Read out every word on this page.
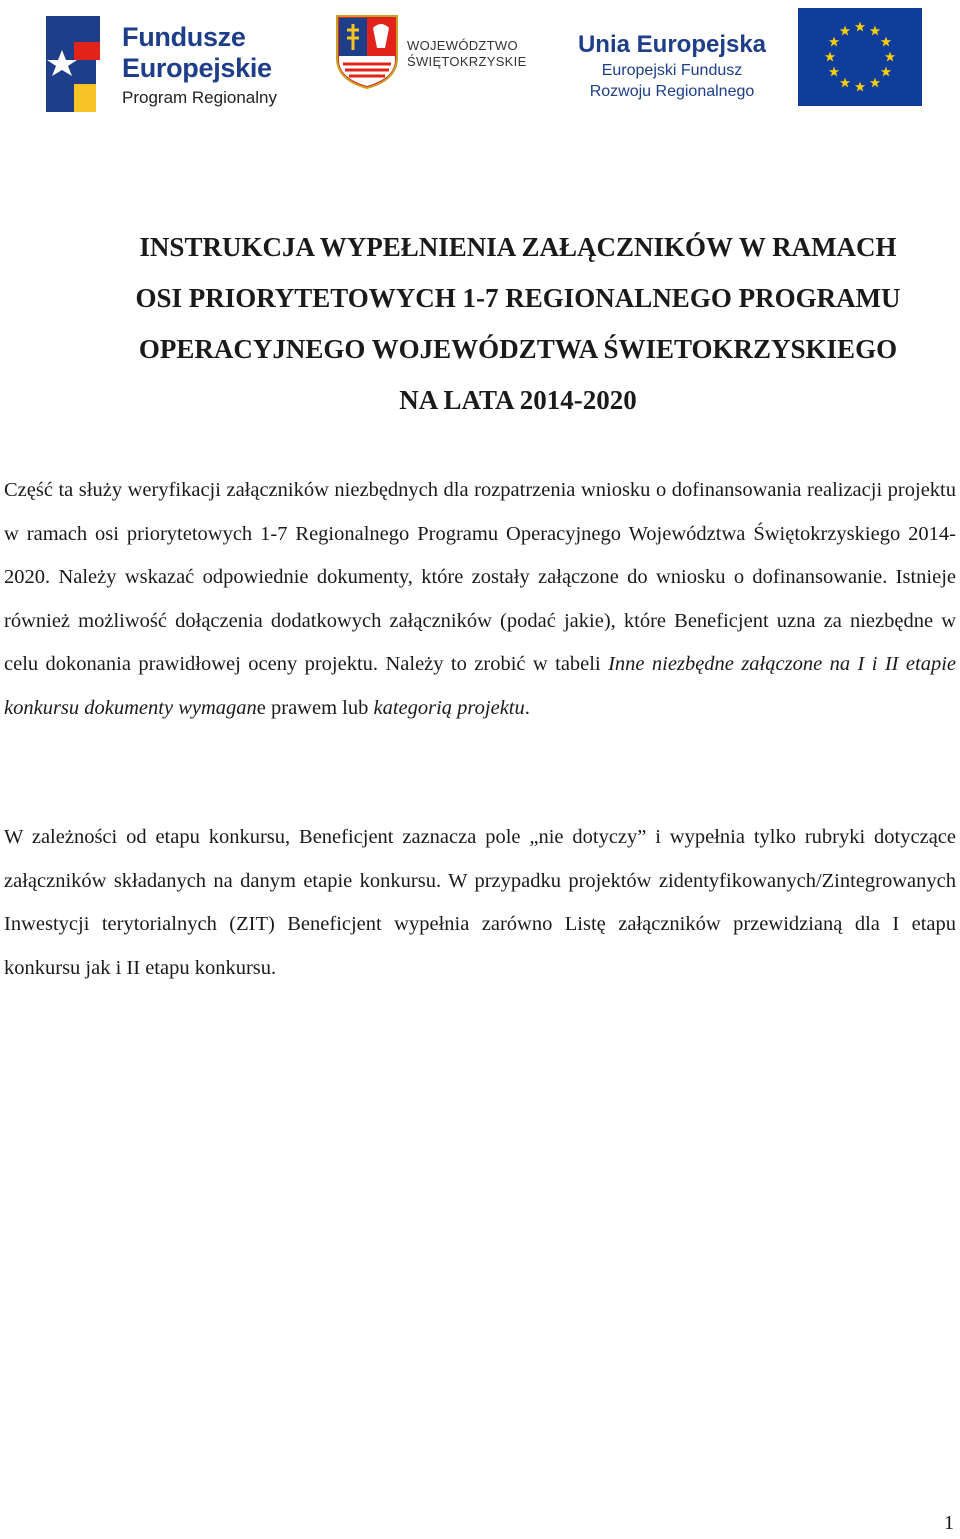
Fundusze
Europejskie
Program Regionalny
WOJEWÓDZTWO
ŚWIĘTOKRZYSKIE
Unia Europejska
Europejski Fundusz
Rozwoju Regionalnego
INSTRUKCJA WYPEŁNIENIA ZAŁĄCZNIKÓW W RAMACH
OSI PRIORYTETOWYCH 1-7 REGIONALNEGO PROGRAMU
OPERACYJNEGO WOJEWÓDZTWA ŚWIETOKRZYSKIEGO
NA LATA 2014-2020

Część ta służy weryfikacji załączników niezbędnych dla rozpatrzenia wniosku o dofinansowania realizacji projektu w ramach osi priorytetowych 1-7 Regionalnego Programu Operacyjnego Województwa Świętokrzyskiego 2014-2020. Należy wskazać odpowiednie dokumenty, które zostały załączone do wniosku o dofinansowanie. Istnieje również możliwość dołączenia dodatkowych załączników (podać jakie), które Beneficjent uzna za niezbędne w celu dokonania prawidłowej oceny projektu. Należy to zrobić w tabeli Inne niezbędne załączone na I i II etapie konkursu dokumenty wymagane prawem lub kategorią projektu.

W zależności od etapu konkursu, Beneficjent zaznacza pole „nie dotyczy” i wypełnia tylko rubryki dotyczące załączników składanych na danym etapie konkursu. W przypadku projektów zidentyfikowanych/Zintegrowanych Inwestycji terytorialnych (ZIT) Beneficjent wypełnia zarówno Listę załączników przewidzianą dla I etapu konkursu jak i II etapu konkursu.

1
